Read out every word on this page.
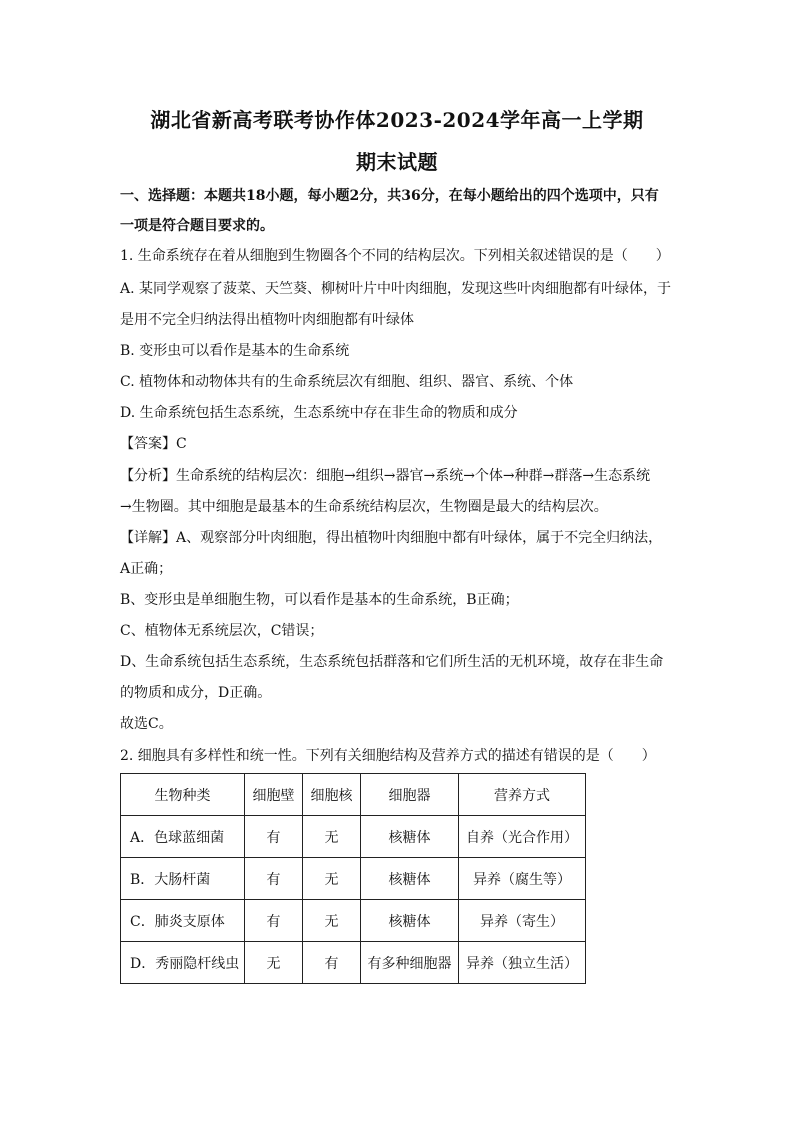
湖北省新高考联考协作体2023-2024学年高一上学期
期末试题
一、选择题：本题共18小题，每小题2分，共36分，在每小题给出的四个选项中，只有
一项是符合题目要求的。
1. 生命系统存在着从细胞到生物圈各个不同的结构层次。下列相关叙述错误的是（　　）
A. 某同学观察了菠菜、天竺葵、柳树叶片中叶肉细胞，发现这些叶肉细胞都有叶绿体，于
是用不完全归纳法得出植物叶肉细胞都有叶绿体
B. 变形虫可以看作是基本的生命系统
C. 植物体和动物体共有的生命系统层次有细胞、组织、器官、系统、个体
D. 生命系统包括生态系统，生态系统中存在非生命的物质和成分
【答案】C
【分析】生命系统的结构层次：细胞→组织→器官→系统→个体→种群→群落→生态系统
→生物圈。其中细胞是最基本的生命系统结构层次，生物圈是最大的结构层次。
【详解】A、观察部分叶肉细胞，得出植物叶肉细胞中都有叶绿体，属于不完全归纳法，
A正确；
B、变形虫是单细胞生物，可以看作是基本的生命系统，B正确；
C、植物体无系统层次，C错误；
D、生命系统包括生态系统，生态系统包括群落和它们所生活的无机环境，故存在非生命
的物质和成分，D正确。
故选C。
2. 细胞具有多样性和统一性。下列有关细胞结构及营养方式的描述有错误的是（　　）
生物种类	细胞壁	细胞核	细胞器	营养方式
A．色球蓝细菌	有	无	核糖体	自养（光合作用）
B．大肠杆菌	有	无	核糖体	异养（腐生等）
C．肺炎支原体	有	无	核糖体	异养（寄生）
D．秀丽隐杆线虫	无	有	有多种细胞器	异养（独立生活）
